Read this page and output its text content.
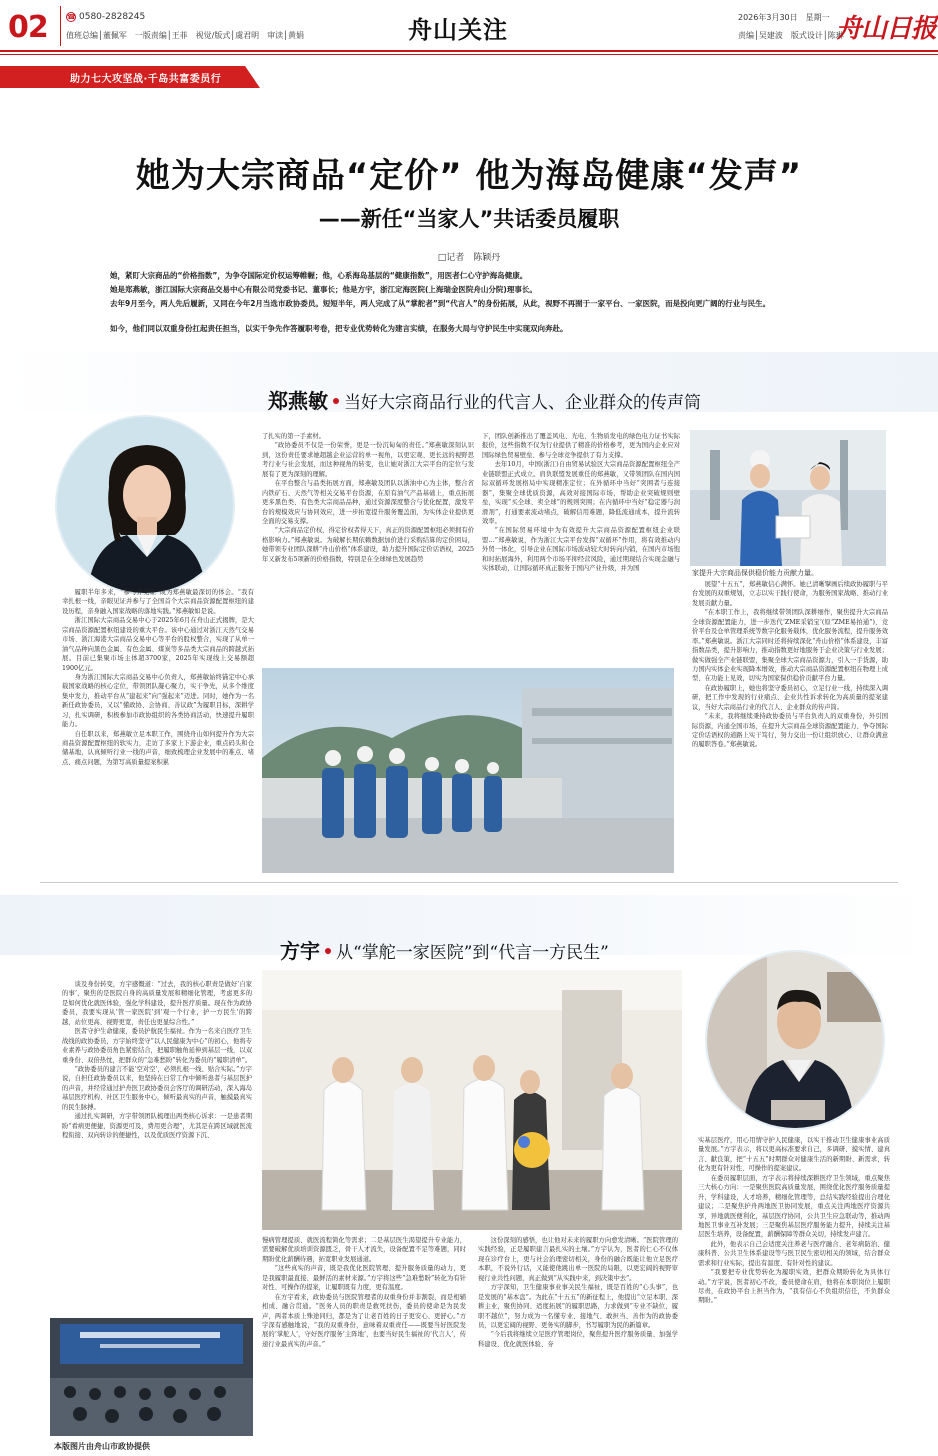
02	☎ 0580-2828245
值班总编│董佩军　一版责编│王菲　视觉/版式│虞君明　审读│黄娟	舟山关注	2026年3月30日　星期一
责编│吴建波　版式设计│陈琳
舟山日报
助力七大攻坚战·千岛共富委员行
她为大宗商品“定价” 他为海岛健康“发声”
——新任“当家人”共话委员履职
□记者　陈颖丹
她，紧盯大宗商品的“价格指数”，为争夺国际定价权运筹帷幄；他，心系海岛基层的“健康指数”，用医者仁心守护海岛健康。
她是郑燕敏，浙江国际大宗商品交易中心有限公司党委书记、董事长；他是方宇，浙江定海医院(上海瑞金医院舟山分院)理事长。
去年9月至今，两人先后履新，又同在今年2月当选市政协委员。短短半年，两人完成了从“掌舵者”到“代言人”的身份拓展，从此，视野不再囿于一家平台、一家医院，而是投向更广阔的行业与民生。
如今，他们同以双重身份扛起责任担当，以实干争先作答履职考卷，把专业优势转化为建言实绩，在服务大局与守护民生中实现双向奔赴。
郑燕敏 当好大宗商品行业的代言人、企业群众的传声筒

履职半年多来，“参与并见证”成为郑燕敏最深切的体会。“我有幸扎根一线，亲眼见证并参与了全国首个大宗商品资源配置枢纽的建设历程，亲身融入国家战略的落地实践。”郑燕敏如是说。

浙江国际大宗商品交易中心于2025年6月在舟山正式揭牌，是大宗商品资源配置枢纽建设的重大平台。该中心通过对浙江天然气交易市场、浙江海港大宗商品交易中心等平台的股权整合，实现了从单一油气品种向黑色金属、有色金属、煤炭等多品类大宗商品的跨越式拓展。目前已集聚市场主体超3700家，2025年实现线上交易额超1900亿元。

身为浙江国际大宗商品交易中心负责人，郑燕敏始终锚定中心承载国家战略的核心定位，带领团队凝心聚力，实干争先，从多个维度集中发力，推动平台从“建起来”向“强起来”迈进。同时，她作为一名新任政协委员，又以“懂政协、会协商、善议政”为履职目标，深耕学习，扎实调研，积极参加市政协组织的各类协商活动，快速提升履职能力。

自任职以来，郑燕敏立足本职工作，围绕舟山如何提升作为大宗商品资源配置枢纽的软实力，走访了多家上下游企业，重点码头和仓储基地，认真倾听行业一线的声音，细致梳理企业发展中的难点、堵点、痛点问题，为第写高质量提案积累

了扎实的第一手素材。

“政协委员不仅是一份荣誉，更是一份沉甸甸的责任。”郑燕敏深刻认识到，这份责任要求她超越企业运营的单一视角，以更宏观、更长远的视野思考行业与社会发展，而这种视角的转变，也让她对浙江大宗平台的定位与发展有了更为深刻的理解。

在平台整合与品类拓展方面，郑燕敏及团队以浙油中心为主体，整合省内铁矿石、天然气等相关交易平台资源，在原有油气产品基础上，重点拓展更多黑色类、有色类大宗商品品种，通过资源深度整合与优化配置，激发平台的规模效应与协同效应，进一步拓宽提升服务覆盖面，为实体企业提供更全面的交易支撑。

“大宗商品定价权，得定价权者得天下，真正的资源配置枢纽必须拥有价格影响力。”郑燕敏说。为破解长期依赖数据加价进行采购结算的定价困局，她带领专业团队深耕“舟山价格”体系建设，助力提升国际定价话语权，2025年又新发布5项新的价格指数，特别是在全球绿色发展趋势

下，团队创新推出了覆盖风电、光电、生物质发电的绿色电力证书实际报价，这些指数不仅为行业提供了精准的价格参考，更为国内企业应对国际绿色贸易壁垒、参与全球竞争提供了有力支撑。

去年10月，中国(浙江)自由贸易试验区大宗商品资源配置枢纽全产业链联盟正式成立。肩负联盟发展重任的郑燕敏，又带领团队在国内国际双循环发展格局中实现精准定位；在外循环中当好“突围者与连接器”，集聚全球优质资源，高效对接国际市场，帮助企业突破规则壁垒，实现“买全球、卖全球”的规则突围；在内循环中当好“稳定器与润滑剂”，打通要素流动堵点，破解信用难题，降低流通成本，提升流转效率。

“在国际贸易环境中为有效提升大宗商品资源配置枢纽企业联盟…”郑燕敏说，作为浙江大宗平台发挥“双循环”作用，将有效推动内外贸一体化，引导企业在国际市场波动较大时转向内销，在国内市场饱和时拓展海外，利用两个市场平抑经营风险，通过期现结合实现金融与实体联动，让国际循环真正服务于国内产业升级，并为国

家提升大宗商品保供稳价能力贡献力量。

展望“十五五”，郑燕敏信心满怀。她已清晰擘画后续政协履职与平台发展的双重规划，立志以实干践行使命，为服务国家战略、推动行业发展贡献力量。

“在本职工作上，我将继续带领团队深耕细作，聚焦提升大宗商品全球资源配置能力，进一步迭代‘ZME采销宝’(原“ZME易拍通”)、竞价平台及仓单管理系统等数字化服务载体，优化服务流程，提升服务效率。”郑燕敏说。浙江大宗同时还将持续深化“舟山价格”体系建设，丰富指数品类，提升影响力，推动指数更好地服务于企业决策与行业发展；做实做强全产业链联盟，集聚全球大宗商品资源力，引入一手货源，助力国内实体企业实现降本增效，推动大宗商品资源配置枢纽在物理上成型、在功能上见效，切实为国家保供稳价贡献平台力量。

在政协履职上，她也将坚守委员初心，立足行业一线，持续深入调研，把工作中发现的行业痛点、企业共性诉求转化为高质量的提案建议，当好大宗商品行业的代言人、企业群众的传声筒。

“未来，我将继续秉持政协委员与平台负责人的双重身份，外引国际资源，内通全国市场，在提升大宗商品全球资源配置能力、争夺国际定价话语权的道路上实干笃行，努力交出一份让组织放心、让群众满意的履职答卷。”郑燕敏说。

方宇 从“掌舵一家医院”到“代言一方民生”

谈及身份转变，方宇感慨道：“过去，我的核心职责是做好‘自家的事’，聚焦的是医院自身的高质量发展和精细化管理，考虑更多的是如何优化就医体验，强化学科建设，提升医疗质量。现在作为政协委员，我要实现从‘管一家医院’到‘观一个行业，护一方民生’的跨越，站位更高、视野更宽，责任也更显综合性。”

医者守护生命健康，委员护航民生福祉。作为一名来自医疗卫生战线的政协委员，方宇始终坚守“以人民健康为中心”的初心，他将专业素养与政协委员角色紧密结合，把履职触角延伸到基层一线，以双重身份、双倍热忱，把群众的“急难愁盼”转化为委员的“履职清单”。

“政协委员的建言不能‘空对空’，必须扎根一线、贴合实际。”方宇说，自担任政协委员以来，他坚持在日常工作中倾听患者与基层医护的声音，并经常通过护舟医卫政协委员会客厅的调研活动，深入海岛基层医疗机构、社区卫生服务中心，倾听最真实的声音，触摸最真实的民生脉搏。

通过扎实调研，方宇带领团队梳理出两类核心诉求：一是患者期盼“看病更便捷，资源更可及，费用更合理”，尤其是在跨区域就医流程衔接、双向转诊的便捷性，以及优质医疗资源下沉、

慢病管理提质、就医流程简化等需求；二是基层医生渴望提升专业能力，需要破解优质培训资源匮乏，骨干人才流失，设备配置不足等难题，同时期盼优化薪酬待遇，拓宽职业发展通道。

“这些真实的声音，既是我优化医院管理、提升服务质量的动力，更是我履职最直接、最鲜活的素材来源。”方宇将这些“急难愁盼”转化为有针对性、可操作的提案，让履职既有力度，更有温度。

在方宇看来，政协委员与医院管理者的双重身份并非割裂，而是相辅相成、融合贯通。“医务人员的职责是救死扶伤，委员的使命是为民发声，两者本质上殊途同归，都是为了让老百姓的日子更安心、更舒心。”方宇深有感触地说，“我的双重身份，意味着双重责任——既要当好医院发展的‘掌舵人’，守好医疗服务‘主阵地’，也要当好民生福祉的‘代言人’，传递行业最真实的声音。”

这份深刻的感悟，也让他对未来的履职方向愈发清晰。“医院管理的实践经验，正是履职建言最扎实的土壤。”方宇认为，医者的仁心不仅体现在诊疗台上，更与社会治理密切相关，身份的融合既能让他立足医疗本职，不说外行话，又能使他跳出单一医院的局限，以更宏阔的视野审视行业共性问题，真正做到“从实践中来，到决策中去”。

方宇深知，卫生健康事业事关民生福祉，既是百姓的“心头事”，也是发展的“基本盘”。为此在“十五五”的新征程上，他提出“立足本职、深耕主业，聚焦协同、适度拓展”的履职思路，力求做到“专业不缺位，履职不越位”，努力成为一名懂专业、接地气、敢担当、善作为的政协委员，以更宏阔的视野、更务实的脚步，书写履职为民的新篇章。

“今后我将继续立足医疗管理岗位，聚焦提升医疗服务质量、加强学科建设、优化就医体验、夯

实基层医疗，用心用情守护人民健康，以实干推动卫生健康事业高质量发展。”方宇表示，将以更高标准要求自己，多调研、摸实情、建真言、献良策，把“十五五”时期群众对健康生活的新期盼、新需求，转化为更有针对性、可操作的提案建议。

在委员履职层面，方宇表示将持续深耕医疗卫生领域，重点聚焦三大核心方向：一是聚焦医院高质量发展，围绕优化医疗服务质量提升，学科建设，人才培养，精细化管理等，总结实践经验提出合理化建议；二是聚焦护舟两地医卫协同发展，重点关注两地医疗资源共享，异地就医便利化，基层医疗协同，公共卫生应急联动等，推动两地医卫事业互补发展；三是聚焦基层医疗服务能力提升，持续关注基层医生培养，设备配置，薪酬保障等群众关切，持续发声建言。

此外，他表示自己会适度关注养老与医疗融合、老年病防治、健康科普、公共卫生体系建设等与医卫民生密切相关的领域，结合群众需求和行业实际，提出有温度、有针对性的建议。

“我要把专业优势转化为履职实效，把群众期盼转化为具体行动。”方宇说，医者初心不改，委员使命在肩，他将在本职岗位上履职尽责，在政协平台上担当作为，“我有信心不负组织信任，不负群众期盼。”

本版图片由舟山市政协提供
